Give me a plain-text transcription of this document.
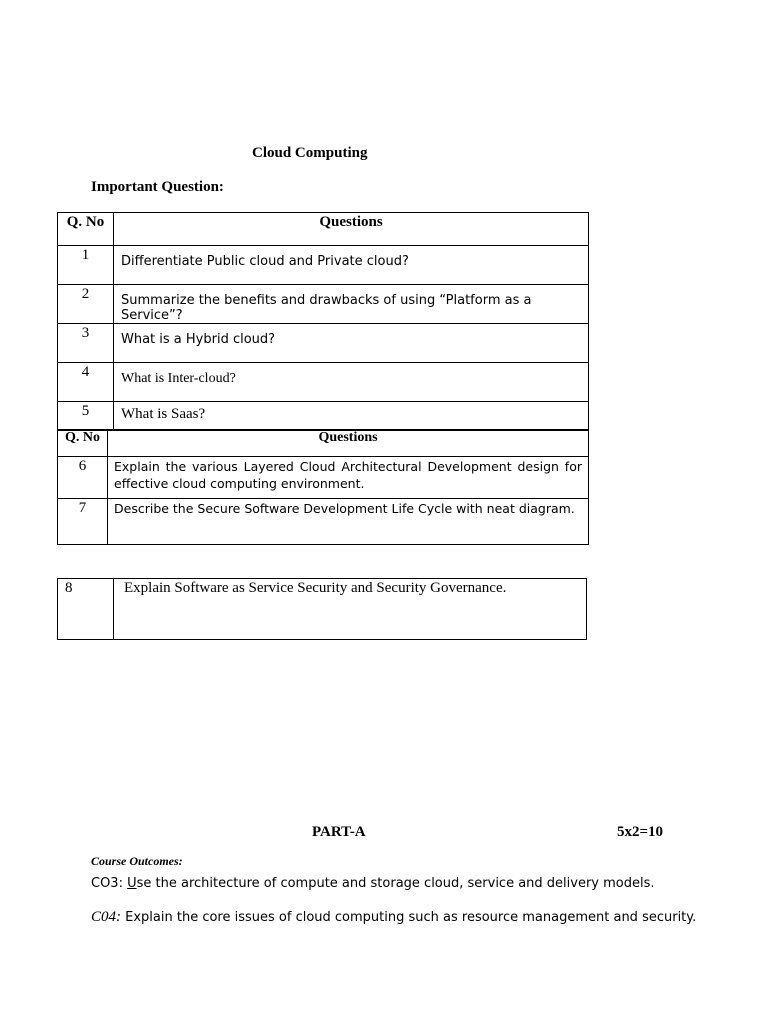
Cloud Computing
Important Question:
Q. No	Questions
1	Differentiate Public cloud and Private cloud?
2	Summarize the benefits and drawbacks of using “Platform as a Service”?
3	What is a Hybrid cloud?
4	What is Inter-cloud?
5	What is Saas?
Q. No	Questions
6	Explain the various Layered Cloud Architectural Development design for effective cloud computing environment.
7	Describe the Secure Software Development Life Cycle with neat diagram.
8	Explain Software as Service Security and Security Governance.
PART-A	5x2=10
Course Outcomes:
CO3: Use the architecture of compute and storage cloud, service and delivery models.
C04: Explain the core issues of cloud computing such as resource management and security.
